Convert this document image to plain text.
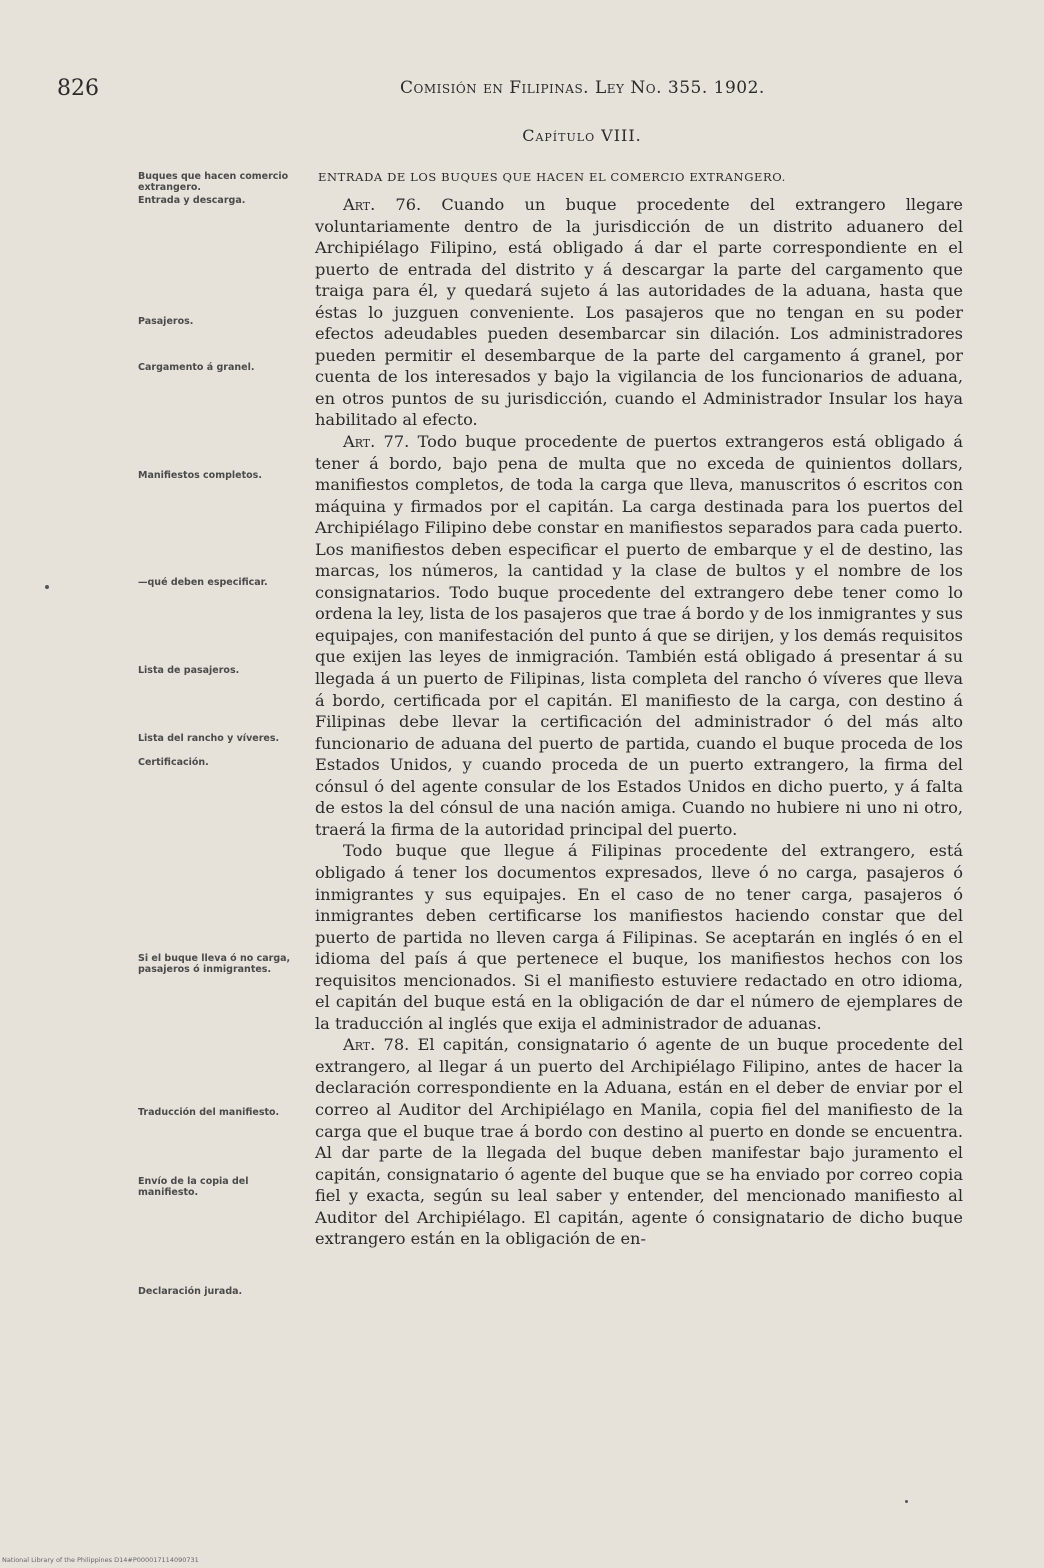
826	Comisión en Filipinas. Ley No. 355. 1902.
Capítulo VIII.
ENTRADA DE LOS BUQUES QUE HACEN EL COMERCIO EXTRANGERO.
Buques que hacen comercio extrangero.
Entrada y descarga.
Pasajeros.
Cargamento á granel.
Manifiestos completos.
—qué deben especificar.
Lista de pasajeros.
Lista del rancho y víveres.
Certificación.
Si el buque lleva ó no carga, pasajeros ó inmigrantes.
Traducción del manifiesto.
Envío de la copia del manifiesto.
Declaración jurada.

Art. 76. Cuando un buque procedente del extrangero llegare voluntariamente dentro de la jurisdicción de un distrito aduanero del Archipiélago Filipino, está obligado á dar el parte correspondiente en el puerto de entrada del distrito y á descargar la parte del cargamento que traiga para él, y quedará sujeto á las autoridades de la aduana, hasta que éstas lo juzguen conveniente. Los pasajeros que no tengan en su poder efectos adeudables pueden desembarcar sin dilación. Los administradores pueden permitir el desembarque de la parte del cargamento á granel, por cuenta de los interesados y bajo la vigilancia de los funcionarios de aduana, en otros puntos de su jurisdicción, cuando el Administrador Insular los haya habilitado al efecto.

Art. 77. Todo buque procedente de puertos extrangeros está obligado á tener á bordo, bajo pena de multa que no exceda de quinientos dollars, manifiestos completos, de toda la carga que lleva, manuscritos ó escritos con máquina y firmados por el capitán. La carga destinada para los puertos del Archipiélago Filipino debe constar en manifiestos separados para cada puerto. Los manifiestos deben especificar el puerto de embarque y el de destino, las marcas, los números, la cantidad y la clase de bultos y el nombre de los consignatarios. Todo buque procedente del extrangero debe tener como lo ordena la ley, lista de los pasajeros que trae á bordo y de los inmigrantes y sus equipajes, con manifestación del punto á que se dirijen, y los demás requisitos que exijen las leyes de inmigración. También está obligado á presentar á su llegada á un puerto de Filipinas, lista completa del rancho ó víveres que lleva á bordo, certificada por el capitán. El manifiesto de la carga, con destino á Filipinas debe llevar la certificación del administrador ó del más alto funcionario de aduana del puerto de partida, cuando el buque proceda de los Estados Unidos, y cuando proceda de un puerto extrangero, la firma del cónsul ó del agente consular de los Estados Unidos en dicho puerto, y á falta de estos la del cónsul de una nación amiga. Cuando no hubiere ni uno ni otro, traerá la firma de la autoridad principal del puerto.

Todo buque que llegue á Filipinas procedente del extrangero, está obligado á tener los documentos expresados, lleve ó no carga, pasajeros ó inmigrantes y sus equipajes. En el caso de no tener carga, pasajeros ó inmigrantes deben certificarse los manifiestos haciendo constar que del puerto de partida no lleven carga á Filipinas. Se aceptarán en inglés ó en el idioma del país á que pertenece el buque, los manifiestos hechos con los requisitos mencionados. Si el manifiesto estuviere redactado en otro idioma, el capitán del buque está en la obligación de dar el número de ejemplares de la traducción al inglés que exija el administrador de aduanas.

Art. 78. El capitán, consignatario ó agente de un buque procedente del extrangero, al llegar á un puerto del Archipiélago Filipino, antes de hacer la declaración correspondiente en la Aduana, están en el deber de enviar por el correo al Auditor del Archipiélago en Manila, copia fiel del manifiesto de la carga que el buque trae á bordo con destino al puerto en donde se encuentra. Al dar parte de la llegada del buque deben manifestar bajo juramento el capitán, consignatario ó agente del buque que se ha enviado por correo copia fiel y exacta, según su leal saber y entender, del mencionado manifiesto al Auditor del Archipiélago. El capitán, agente ó consignatario de dicho buque extrangero están en la obligación de en-

National Library of the Philippines D14#P000017114090731
